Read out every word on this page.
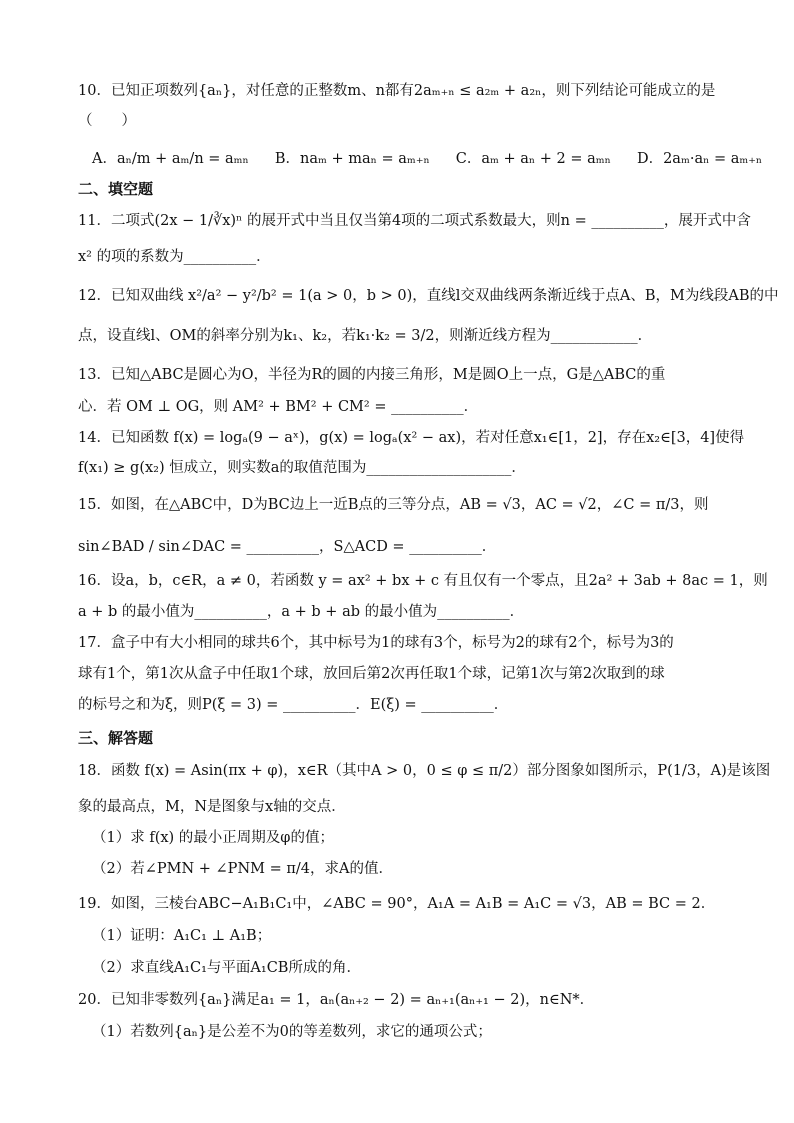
10．已知正项数列{aₙ}，对任意的正整数m、n都有2aₘ₊ₙ ≤ a₂ₘ + a₂ₙ，则下列结论可能成立的是
（　　）
A．aₙ/m + aₘ/n = aₘₙ B．naₘ + maₙ = aₘ₊ₙ C．aₘ + aₙ + 2 = aₘₙ D．2aₘ·aₙ = aₘ₊ₙ
二、填空题
11．二项式(2x − 1/∛x)ⁿ 的展开式中当且仅当第4项的二项式系数最大，则n = __________，展开式中含
x² 的项的系数为__________．
12．已知双曲线 x²/a² − y²/b² = 1(a > 0，b > 0)，直线l交双曲线两条渐近线于点A、B，M为线段AB的中
点，设直线l、OM的斜率分别为k₁、k₂，若k₁·k₂ = 3/2，则渐近线方程为____________．
13．已知△ABC是圆心为O，半径为R的圆的内接三角形，M是圆O上一点，G是△ABC的重
心．若 OM ⊥ OG，则 AM² + BM² + CM² = __________．
14．已知函数 f(x) = logₐ(9 − aˣ)，g(x) = logₐ(x² − ax)，若对任意x₁∈[1，2]，存在x₂∈[3，4]使得
f(x₁) ≥ g(x₂) 恒成立，则实数a的取值范围为____________________．
15．如图，在△ABC中，D为BC边上一近B点的三等分点，AB = √3，AC = √2，∠C = π/3，则
sin∠BAD / sin∠DAC = __________，S△ACD = __________．
16．设a，b，c∈R，a ≠ 0，若函数 y = ax² + bx + c 有且仅有一个零点，且2a² + 3ab + 8ac = 1，则
a + b 的最小值为__________，a + b + ab 的最小值为__________．
17．盒子中有大小相同的球共6个，其中标号为1的球有3个，标号为2的球有2个，标号为3的
球有1个，第1次从盒子中任取1个球，放回后第2次再任取1个球，记第1次与第2次取到的球
的标号之和为ξ，则P(ξ = 3) = __________．E(ξ) = __________．
三、解答题
18．函数 f(x) = Asin(πx + φ)，x∈R（其中A > 0，0 ≤ φ ≤ π/2）部分图象如图所示，P(1/3，A)是该图
象的最高点，M，N是图象与x轴的交点．
（1）求 f(x) 的最小正周期及φ的值；
（2）若∠PMN + ∠PNM = π/4，求A的值．
19．如图，三棱台ABC−A₁B₁C₁中，∠ABC = 90°，A₁A = A₁B = A₁C = √3，AB = BC = 2．
（1）证明：A₁C₁ ⊥ A₁B；
（2）求直线A₁C₁与平面A₁CB所成的角．
20．已知非零数列{aₙ}满足a₁ = 1，aₙ(aₙ₊₂ − 2) = aₙ₊₁(aₙ₊₁ − 2)，n∈N*．
（1）若数列{aₙ}是公差不为0的等差数列，求它的通项公式；
